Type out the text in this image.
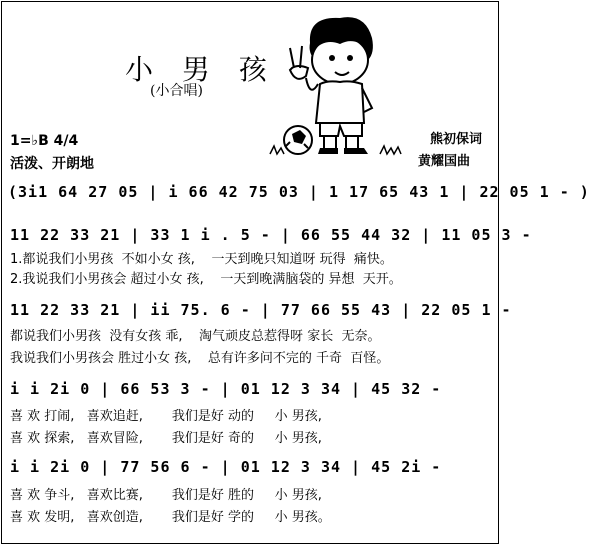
小 男 孩
(小合唱)
1=♭B 4/4
活泼、开朗地
熊初保词
黄耀国曲
(3i1 64 27 05 | i 66 42 75 03 | 1 17 65 43 1 | 22 05 1 - )
11 22 33 21 | 33 1 i . 5 - | 66 55 44 32 | 11 05 3 -
1.都说我们小男孩  不如小女 孩,    一天到晚只知道呀 玩得  痛快。
2.我说我们小男孩会 超过小女 孩,    一天到晚满脑袋的 异想  天开。
11 22 33 21 | ii 75. 6 - | 77 66 55 43 | 22 05 1 -
都说我们小男孩  没有女孩 乖,    淘气顽皮总惹得呀 家长  无奈。
我说我们小男孩会 胜过小女 孩,    总有许多问不完的 千奇  百怪。
i i 2i 0 | 66 53 3 - | 01 12 3 34 | 45 32 -
喜 欢 打闹,   喜欢追赶,       我们是好 动的     小 男孩,
喜 欢 探索,   喜欢冒险,       我们是好 奇的     小 男孩,
i i 2i 0 | 77 56 6 - | 01 12 3 34 | 45 2i -
喜 欢 争斗,   喜欢比赛,       我们是好 胜的     小 男孩,
喜 欢 发明,   喜欢创造,       我们是好 学的     小 男孩。
